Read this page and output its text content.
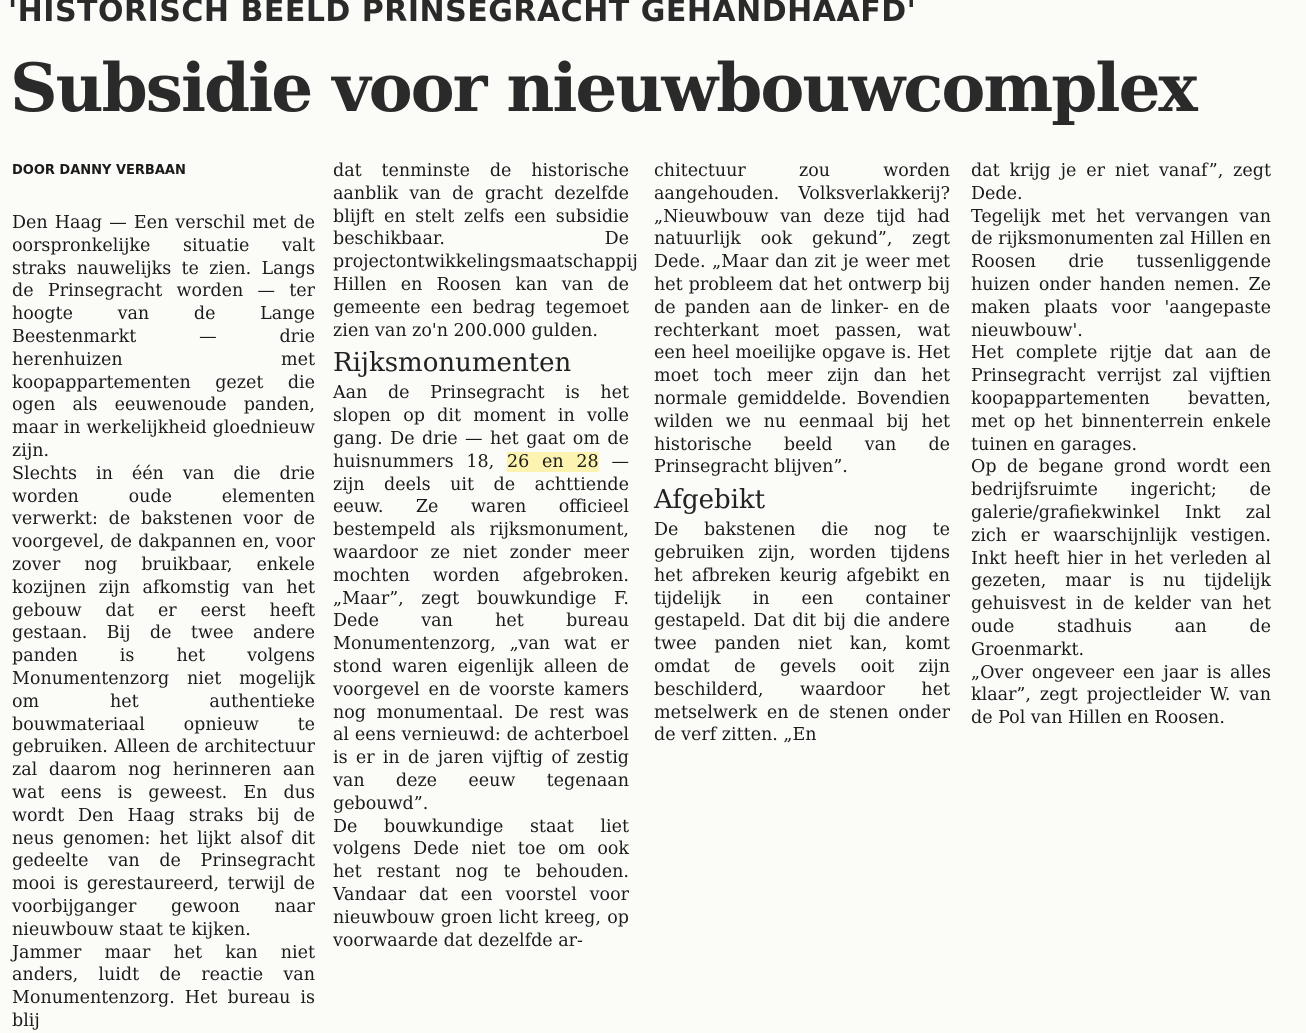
'HISTORISCH BEELD PRINSEGRACHT GEHANDHAAFD'
Subsidie voor nieuwbouwcomplex
DOOR DANNY VERBAAN

Den Haag — Een verschil met de oorspronkelijke situatie valt straks nauwelijks te zien. Langs de Prinsegracht worden — ter hoogte van de Lange Beestenmarkt — drie herenhuizen met koopappartementen gezet die ogen als eeuwenoude panden, maar in werkelijkheid gloednieuw zijn.

Slechts in één van die drie worden oude elementen verwerkt: de bakstenen voor de voorgevel, de dakpannen en, voor zover nog bruikbaar, enkele kozijnen zijn afkomstig van het gebouw dat er eerst heeft gestaan. Bij de twee andere panden is het volgens Monumentenzorg niet mogelijk om het authentieke bouwmateriaal opnieuw te gebruiken. Alleen de architectuur zal daarom nog herinneren aan wat eens is geweest. En dus wordt Den Haag straks bij de neus genomen: het lijkt alsof dit gedeelte van de Prinsegracht mooi is gerestaureerd, terwijl de voorbijganger gewoon naar nieuwbouw staat te kijken.

Jammer maar het kan niet anders, luidt de reactie van Monumentenzorg. Het bureau is blij

dat tenminste de historische aanblik van de gracht dezelfde blijft en stelt zelfs een subsidie beschikbaar. De projectontwikkelingsmaatschappij Hillen en Roosen kan van de gemeente een bedrag tegemoet zien van zo'n 200.000 gulden.

Rijksmonumenten

Aan de Prinsegracht is het slopen op dit moment in volle gang. De drie — het gaat om de huisnummers 18, 26 en 28 — zijn deels uit de achttiende eeuw. Ze waren officieel bestempeld als rijksmonument, waardoor ze niet zonder meer mochten worden afgebroken. „Maar”, zegt bouwkundige F. Dede van het bureau Monumentenzorg, „van wat er stond waren eigenlijk alleen de voorgevel en de voorste kamers nog monumentaal. De rest was al eens vernieuwd: de achterboel is er in de jaren vijftig of zestig van deze eeuw tegenaan gebouwd”.

De bouwkundige staat liet volgens Dede niet toe om ook het restant nog te behouden. Vandaar dat een voorstel voor nieuwbouw groen licht kreeg, op voorwaarde dat dezelfde ar-

chitectuur zou worden aangehouden. Volksverlakkerij? „Nieuwbouw van deze tijd had natuurlijk ook gekund”, zegt Dede. „Maar dan zit je weer met het probleem dat het ontwerp bij de panden aan de linker- en de rechterkant moet passen, wat een heel moeilijke opgave is. Het moet toch meer zijn dan het normale gemiddelde. Bovendien wilden we nu eenmaal bij het historische beeld van de Prinsegracht blijven”.

Afgebikt

De bakstenen die nog te gebruiken zijn, worden tijdens het afbreken keurig afgebikt en tijdelijk in een container gestapeld. Dat dit bij die andere twee panden niet kan, komt omdat de gevels ooit zijn beschilderd, waardoor het metselwerk en de stenen onder de verf zitten. „En

dat krijg je er niet vanaf”, zegt Dede.

Tegelijk met het vervangen van de rijksmonumenten zal Hillen en Roosen drie tussenliggende huizen onder handen nemen. Ze maken plaats voor 'aangepaste nieuwbouw'.

Het complete rijtje dat aan de Prinsegracht verrijst zal vijftien koopappartementen bevatten, met op het binnenterrein enkele tuinen en garages.

Op de begane grond wordt een bedrijfsruimte ingericht; de galerie/grafiekwinkel Inkt zal zich er waarschijnlijk vestigen. Inkt heeft hier in het verleden al gezeten, maar is nu tijdelijk gehuisvest in de kelder van het oude stadhuis aan de Groenmarkt.

„Over ongeveer een jaar is alles klaar”, zegt projectleider W. van de Pol van Hillen en Roosen.
